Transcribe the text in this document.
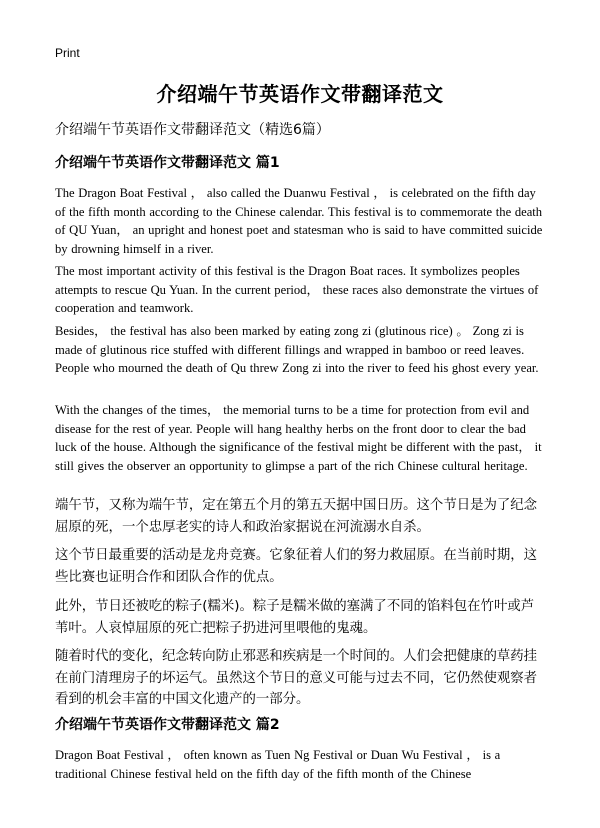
Print
介绍端午节英语作文带翻译范文
介绍端午节英语作文带翻译范文（精选6篇）
介绍端午节英语作文带翻译范文 篇1

The Dragon Boat Festival ， also called the Duanwu Festival ， is celebrated on the fifth day of the fifth month according to the Chinese calendar. This festival is to commemorate the death of QU Yuan， an upright and honest poet and statesman who is said to have committed suicide by drowning himself in a river.

The most important activity of this festival is the Dragon Boat races. It symbolizes peoples attempts to rescue Qu Yuan. In the current period， these races also demonstrate the virtues of cooperation and teamwork.

Besides， the festival has also been marked by eating zong zi (glutinous rice) 。 Zong zi is made of glutinous rice stuffed with different fillings and wrapped in bamboo or reed leaves. People who mourned the death of Qu threw Zong zi into the river to feed his ghost every year.

With the changes of the times， the memorial turns to be a time for protection from evil and disease for the rest of year. People will hang healthy herbs on the front door to clear the bad luck of the house. Although the significance of the festival might be different with the past， it still gives the observer an opportunity to glimpse a part of the rich Chinese cultural heritage.

端午节，又称为端午节，定在第五个月的第五天据中国日历。这个节日是为了纪念屈原的死，一个忠厚老实的诗人和政治家据说在河流溺水自杀。

这个节日最重要的活动是龙舟竞赛。它象征着人们的努力救屈原。在当前时期，这些比赛也证明合作和团队合作的优点。

此外，节日还被吃的粽子(糯米)。粽子是糯米做的塞满了不同的馅料包在竹叶或芦苇叶。人哀悼屈原的死亡把粽子扔进河里喂他的鬼魂。

随着时代的变化，纪念转向防止邪恶和疾病是一个时间的。人们会把健康的草药挂在前门清理房子的坏运气。虽然这个节日的意义可能与过去不同，它仍然使观察者看到的机会丰富的中国文化遗产的一部分。

介绍端午节英语作文带翻译范文 篇2

Dragon Boat Festival ， often known as Tuen Ng Festival or Duan Wu Festival ， is a traditional Chinese festival held on the fifth day of the fifth month of the Chinese
